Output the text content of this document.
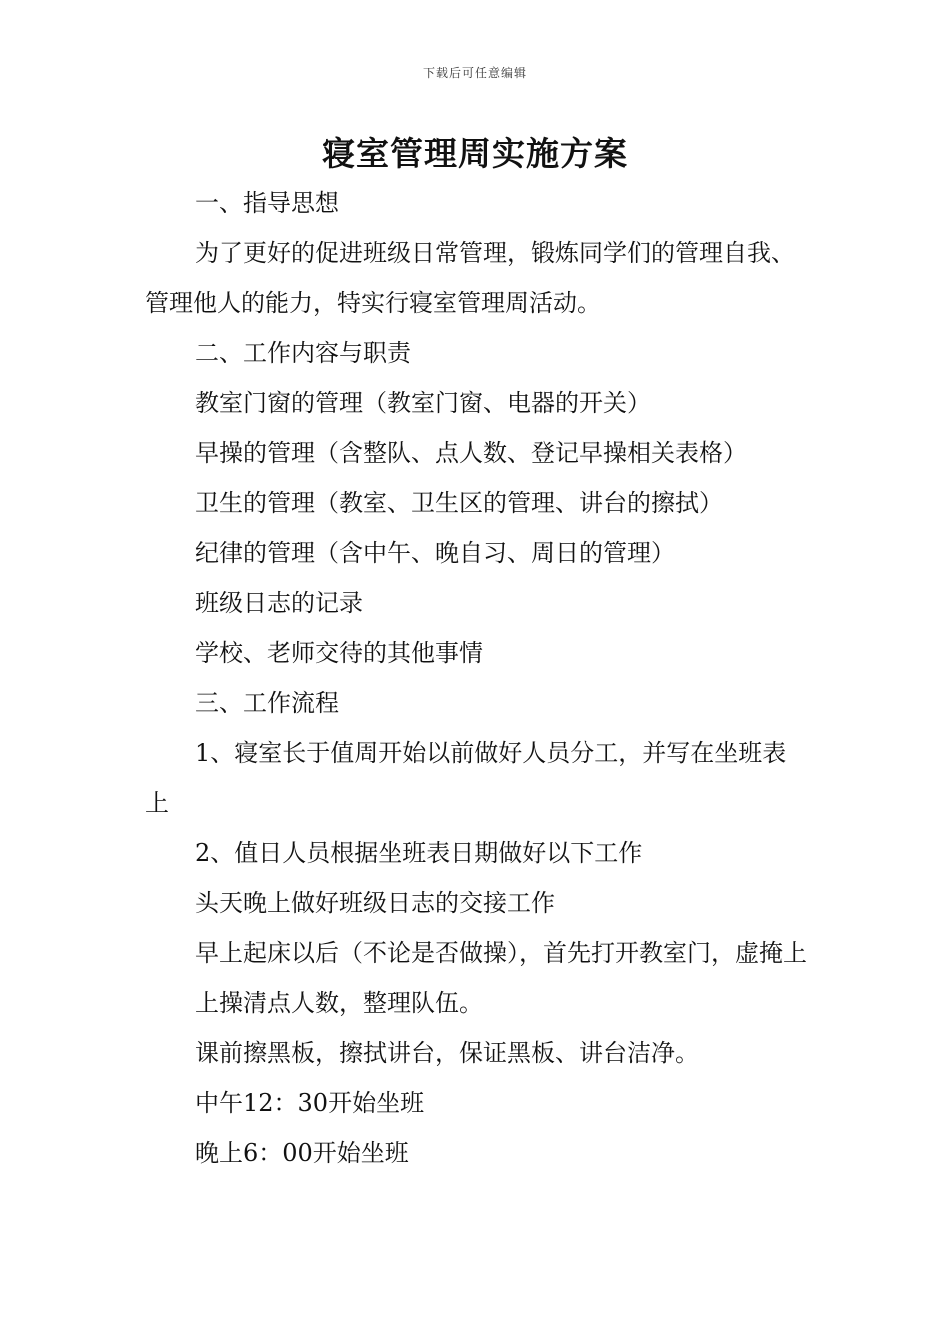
下载后可任意编辑
寝室管理周实施方案

一、指导思想

为了更好的促进班级日常管理，锻炼同学们的管理自我、管理他人的能力，特实行寝室管理周活动。

二、工作内容与职责

教室门窗的管理（教室门窗、电器的开关）

早操的管理（含整队、点人数、登记早操相关表格）

卫生的管理（教室、卫生区的管理、讲台的擦拭）

纪律的管理（含中午、晚自习、周日的管理）

班级日志的记录

学校、老师交待的其他事情

三、工作流程

1、寝室长于值周开始以前做好人员分工，并写在坐班表上

2、值日人员根据坐班表日期做好以下工作

头天晚上做好班级日志的交接工作

早上起床以后（不论是否做操），首先打开教室门，虚掩上

上操清点人数，整理队伍。

课前擦黑板，擦拭讲台，保证黑板、讲台洁净。

中午12：30开始坐班

晚上6：00开始坐班
